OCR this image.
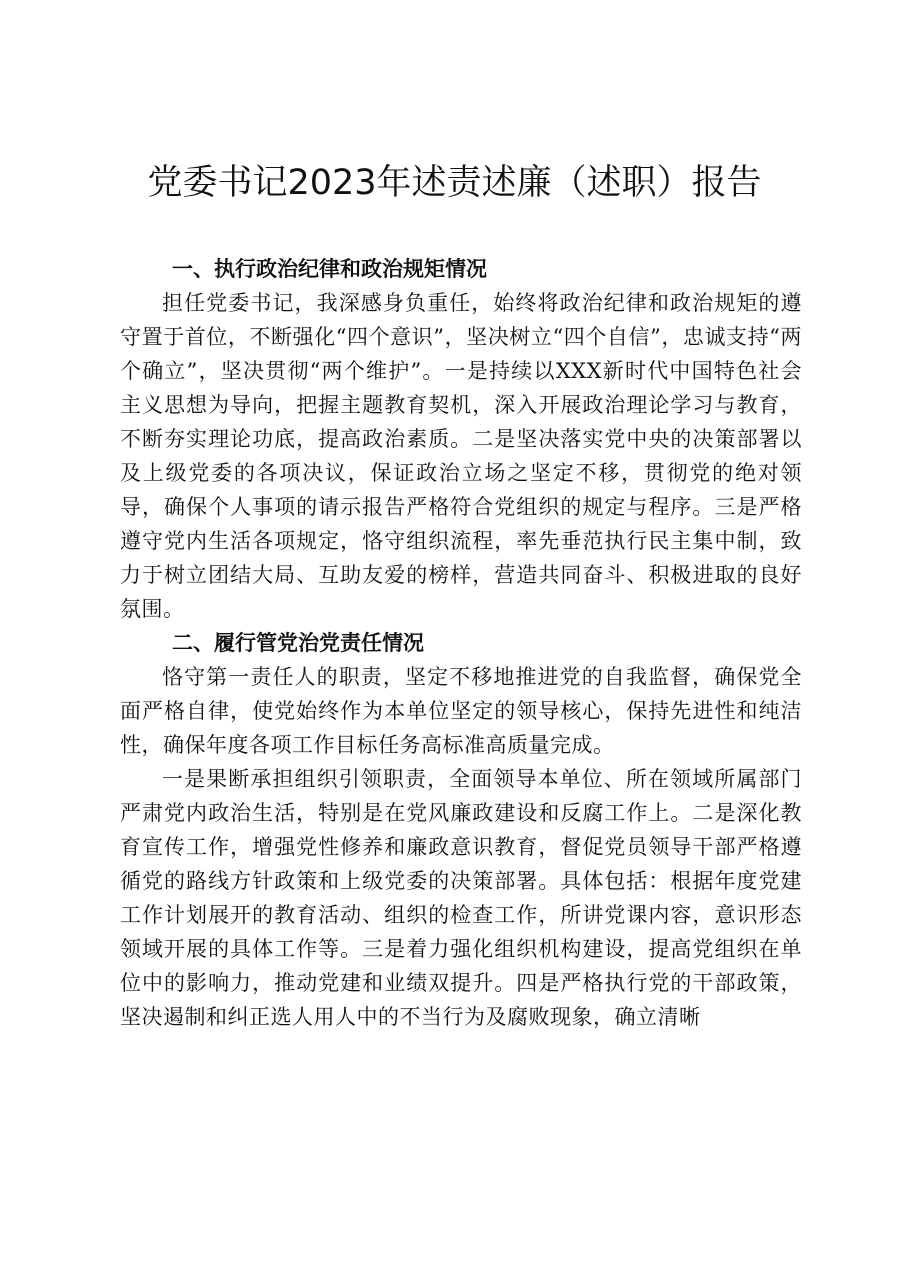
党委书记2023年述责述廉（述职）报告

一、执行政治纪律和政治规矩情况

担任党委书记，我深感身负重任，始终将政治纪律和政治规矩的遵守置于首位，不断强化“四个意识”，坚决树立“四个自信”，忠诚支持“两个确立”，坚决贯彻“两个维护”。一是持续以XXX新时代中国特色社会主义思想为导向，把握主题教育契机，深入开展政治理论学习与教育，不断夯实理论功底，提高政治素质。二是坚决落实党中央的决策部署以及上级党委的各项决议，保证政治立场之坚定不移，贯彻党的绝对领导，确保个人事项的请示报告严格符合党组织的规定与程序。三是严格遵守党内生活各项规定，恪守组织流程，率先垂范执行民主集中制，致力于树立团结大局、互助友爱的榜样，营造共同奋斗、积极进取的良好氛围。

二、履行管党治党责任情况

恪守第一责任人的职责，坚定不移地推进党的自我监督，确保党全面严格自律，使党始终作为本单位坚定的领导核心，保持先进性和纯洁性，确保年度各项工作目标任务高标准高质量完成。

一是果断承担组织引领职责，全面领导本单位、所在领域所属部门严肃党内政治生活，特别是在党风廉政建设和反腐工作上。二是深化教育宣传工作，增强党性修养和廉政意识教育，督促党员领导干部严格遵循党的路线方针政策和上级党委的决策部署。具体包括：根据年度党建工作计划展开的教育活动、组织的检查工作，所讲党课内容，意识形态领域开展的具体工作等。三是着力强化组织机构建设，提高党组织在单位中的影响力，推动党建和业绩双提升。四是严格执行党的干部政策，坚决遏制和纠正选人用人中的不当行为及腐败现象，确立清晰
